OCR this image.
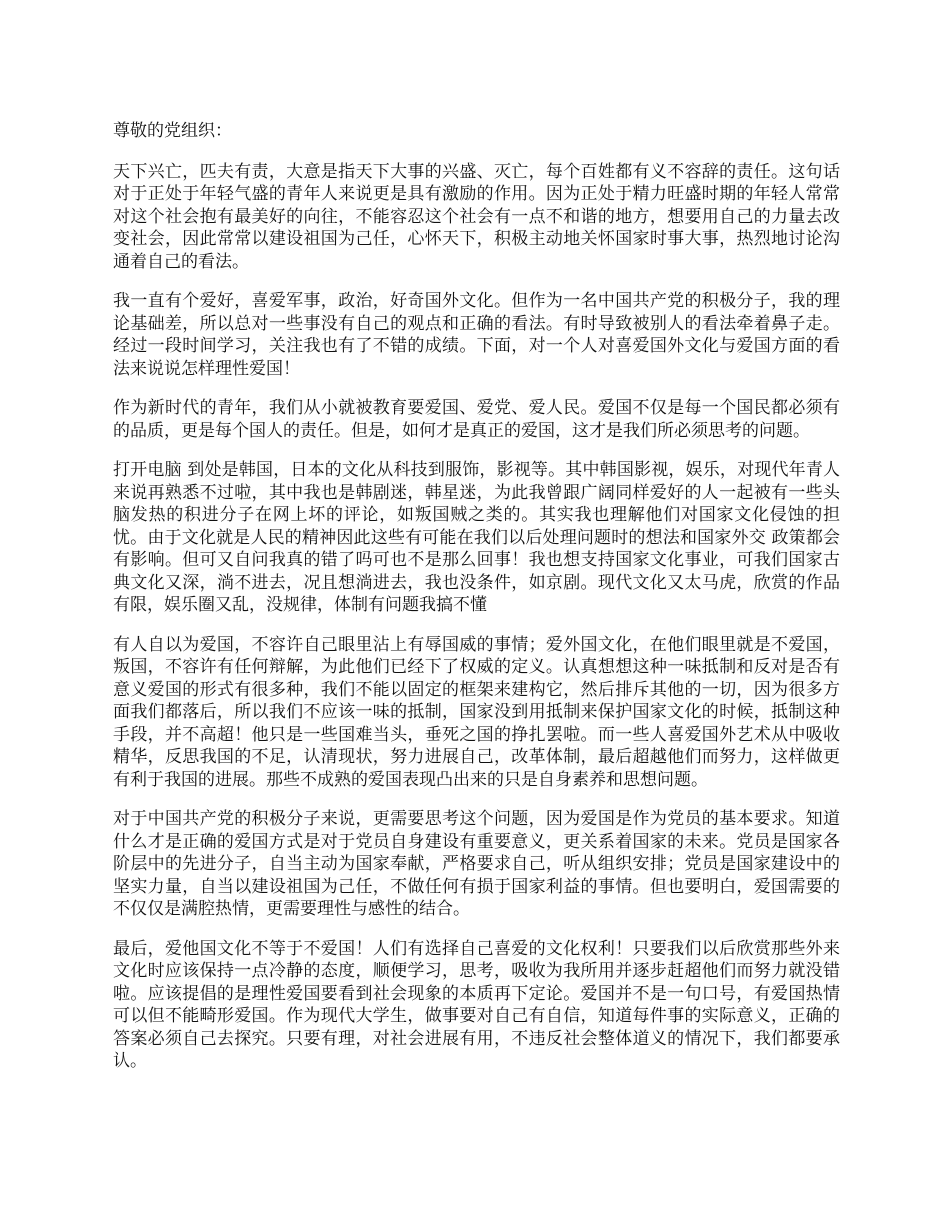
尊敬的党组织：

天下兴亡，匹夫有责，大意是指天下大事的兴盛、灭亡，每个百姓都有义不容辞的责任。这句话对于正处于年轻气盛的青年人来说更是具有激励的作用。因为正处于精力旺盛时期的年轻人常常对这个社会抱有最美好的向往，不能容忍这个社会有一点不和谐的地方，想要用自己的力量去改变社会，因此常常以建设祖国为己任，心怀天下，积极主动地关怀国家时事大事，热烈地讨论沟通着自己的看法。

我一直有个爱好，喜爱军事，政治，好奇国外文化。但作为一名中国共产党的积极分子，我的理论基础差，所以总对一些事没有自己的观点和正确的看法。有时导致被别人的看法牵着鼻子走。经过一段时间学习，关注我也有了不错的成绩。下面，对一个人对喜爱国外文化与爱国方面的看法来说说怎样理性爱国！

作为新时代的青年，我们从小就被教育要爱国、爱党、爱人民。爱国不仅是每一个国民都必须有的品质，更是每个国人的责任。但是，如何才是真正的爱国，这才是我们所必须思考的问题。

打开电脑 到处是韩国，日本的文化从科技到服饰，影视等。其中韩国影视，娱乐，对现代年青人来说再熟悉不过啦，其中我也是韩剧迷，韩星迷，为此我曾跟广阔同样爱好的人一起被有一些头脑发热的积进分子在网上坏的评论，如叛国贼之类的。其实我也理解他们对国家文化侵蚀的担忧。由于文化就是人民的精神因此这些有可能在我们以后处理问题时的想法和国家外交 政策都会有影响。但可又自问我真的错了吗可也不是那么回事！我也想支持国家文化事业，可我们国家古典文化又深，淌不进去，况且想淌进去，我也没条件，如京剧。现代文化又太马虎，欣赏的作品有限，娱乐圈又乱，没规律，体制有问题我搞不懂

有人自以为爱国，不容许自己眼里沾上有辱国威的事情；爱外国文化，在他们眼里就是不爱国，叛国，不容许有任何辩解，为此他们已经下了权威的定义。认真想想这种一味抵制和反对是否有意义爱国的形式有很多种，我们不能以固定的框架来建构它，然后排斥其他的一切，因为很多方面我们都落后，所以我们不应该一味的抵制，国家没到用抵制来保护国家文化的时候，抵制这种手段，并不高超！他只是一些国难当头，垂死之国的挣扎罢啦。而一些人喜爱国外艺术从中吸收精华，反思我国的不足，认清现状，努力进展自己，改革体制，最后超越他们而努力，这样做更有利于我国的进展。那些不成熟的爱国表现凸出来的只是自身素养和思想问题。

对于中国共产党的积极分子来说，更需要思考这个问题，因为爱国是作为党员的基本要求。知道什么才是正确的爱国方式是对于党员自身建设有重要意义，更关系着国家的未来。党员是国家各阶层中的先进分子，自当主动为国家奉献，严格要求自己，听从组织安排；党员是国家建设中的坚实力量，自当以建设祖国为己任，不做任何有损于国家利益的事情。但也要明白，爱国需要的不仅仅是满腔热情，更需要理性与感性的结合。

最后，爱他国文化不等于不爱国！人们有选择自己喜爱的文化权利！只要我们以后欣赏那些外来文化时应该保持一点冷静的态度，顺便学习，思考，吸收为我所用并逐步赶超他们而努力就没错啦。应该提倡的是理性爱国要看到社会现象的本质再下定论。爱国并不是一句口号，有爱国热情可以但不能畸形爱国。作为现代大学生，做事要对自己有自信，知道每件事的实际意义，正确的答案必须自己去探究。只要有理，对社会进展有用，不违反社会整体道义的情况下，我们都要承认。
